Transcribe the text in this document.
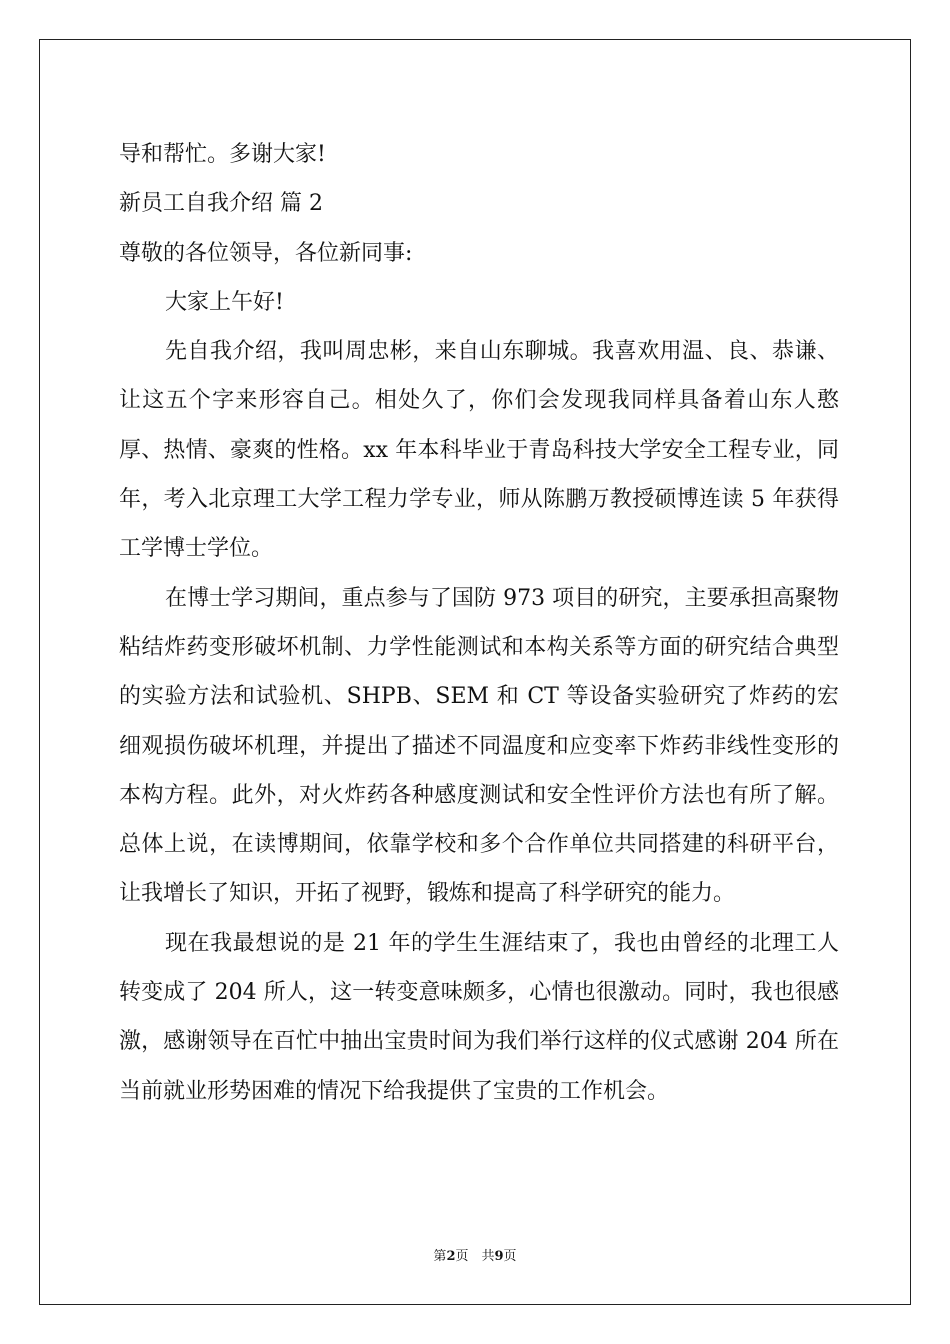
导和帮忙。多谢大家!

新员工自我介绍 篇 2

尊敬的各位领导，各位新同事:

大家上午好!

先自我介绍，我叫周忠彬，来自山东聊城。我喜欢用温、良、恭谦、让这五个字来形容自己。相处久了，你们会发现我同样具备着山东人憨厚、热情、豪爽的性格。xx 年本科毕业于青岛科技大学安全工程专业，同年，考入北京理工大学工程力学专业，师从陈鹏万教授硕博连读 5 年获得工学博士学位。

在博士学习期间，重点参与了国防 973 项目的研究，主要承担高聚物粘结炸药变形破坏机制、力学性能测试和本构关系等方面的研究结合典型的实验方法和试验机、SHPB、SEM 和 CT 等设备实验研究了炸药的宏细观损伤破坏机理，并提出了描述不同温度和应变率下炸药非线性变形的本构方程。此外，对火炸药各种感度测试和安全性评价方法也有所了解。总体上说，在读博期间，依靠学校和多个合作单位共同搭建的科研平台，让我增长了知识，开拓了视野，锻炼和提高了科学研究的能力。

现在我最想说的是 21 年的学生生涯结束了，我也由曾经的北理工人转变成了 204 所人，这一转变意味颇多，心情也很激动。同时，我也很感激，感谢领导在百忙中抽出宝贵时间为我们举行这样的仪式感谢 204 所在当前就业形势困难的情况下给我提供了宝贵的工作机会。

第2页　共9页
